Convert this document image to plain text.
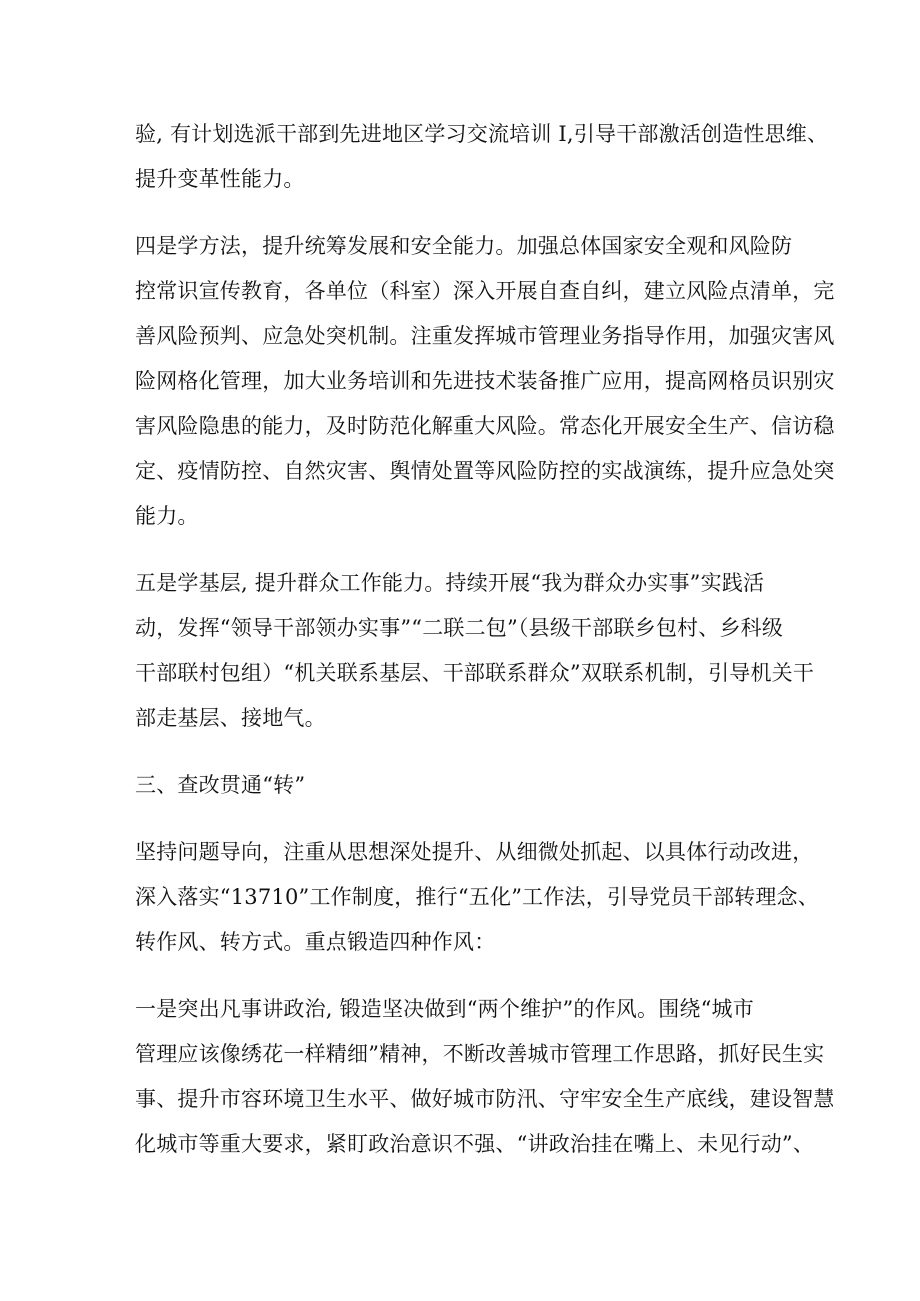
验, 有计划选派干部到先进地区学习交流培训 I,引导干部激活创造性思维、
提升变革性能力。

四是学方法，提升统筹发展和安全能力。加强总体国家安全观和风险防
控常识宣传教育，各单位（科室）深入开展自查自纠，建立风险点清单，完
善风险预判、应急处突机制。注重发挥城市管理业务指导作用，加强灾害风
险网格化管理，加大业务培训和先进技术装备推广应用，提高网格员识别灾
害风险隐患的能力，及时防范化解重大风险。常态化开展安全生产、信访稳
定、疫情防控、自然灾害、舆情处置等风险防控的实战演练，提升应急处突
能力。

五是学基层, 提升群众工作能力。持续开展“我为群众办实事”实践活
动，发挥“领导干部领办实事”“二联二包”（县级干部联乡包村、乡科级
干部联村包组）“机关联系基层、干部联系群众”双联系机制，引导机关干
部走基层、接地气。

三、查改贯通“转”

坚持问题导向，注重从思想深处提升、从细微处抓起、以具体行动改进，
深入落实“13710”工作制度，推行“五化”工作法，引导党员干部转理念、
转作风、转方式。重点锻造四种作风：

一是突出凡事讲政治, 锻造坚决做到“两个维护”的作风。围绕“城市
管理应该像绣花一样精细”精神，不断改善城市管理工作思路，抓好民生实
事、提升市容环境卫生水平、做好城市防汛、守牢安全生产底线，建设智慧
化城市等重大要求，紧盯政治意识不强、“讲政治挂在嘴上、未见行动”、
